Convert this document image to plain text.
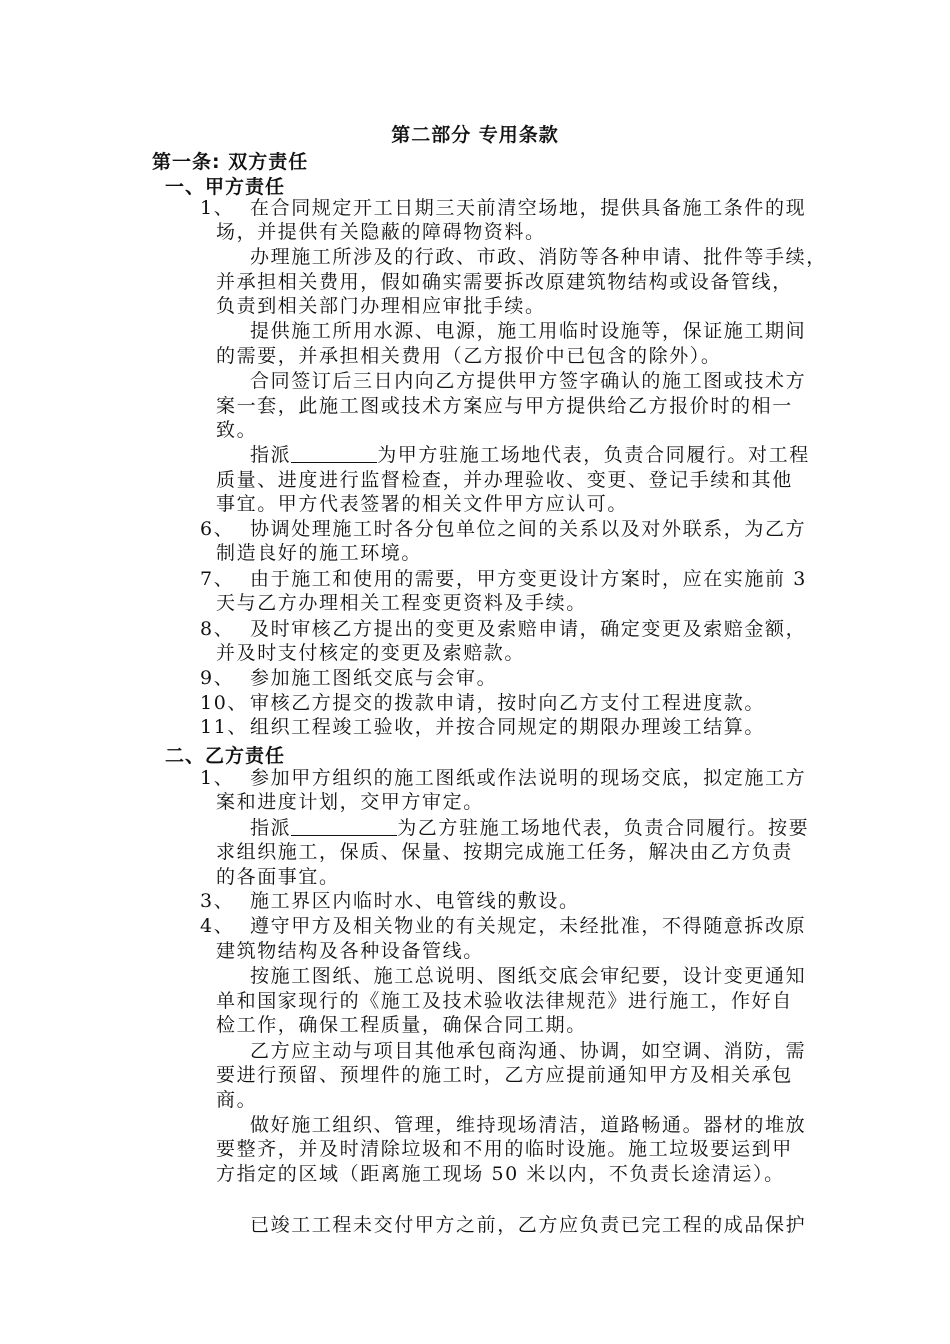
第二部分 专用条款
第一条: 双方责任
一、甲方责任
1、 在合同规定开工日期三天前清空场地，提供具备施工条件的现
场，并提供有关隐蔽的障碍物资料。
办理施工所涉及的行政、市政、消防等各种申请、批件等手续，
并承担相关费用，假如确实需要拆改原建筑物结构或设备管线，
负责到相关部门办理相应审批手续。
提供施工所用水源、电源，施工用临时设施等，保证施工期间
的需要，并承担相关费用（乙方报价中已包含的除外）。
合同签订后三日内向乙方提供甲方签字确认的施工图或技术方
案一套，此施工图或技术方案应与甲方提供给乙方报价时的相一
致。
指派	为甲方驻施工场地代表，负责合同履行。对工程
质量、进度进行监督检查，并办理验收、变更、登记手续和其他
事宜。甲方代表签署的相关文件甲方应认可。
6、 协调处理施工时各分包单位之间的关系以及对外联系，为乙方
制造良好的施工环境。
7、 由于施工和使用的需要，甲方变更设计方案时，应在实施前 3
天与乙方办理相关工程变更资料及手续。
8、 及时审核乙方提出的变更及索赔申请，确定变更及索赔金额，
并及时支付核定的变更及索赔款。
9、 参加施工图纸交底与会审。
10、 审核乙方提交的拨款申请，按时向乙方支付工程进度款。
11、 组织工程竣工验收，并按合同规定的期限办理竣工结算。
二、乙方责任
1、 参加甲方组织的施工图纸或作法说明的现场交底，拟定施工方
案和进度计划，交甲方审定。
指派	为乙方驻施工场地代表，负责合同履行。按要
求组织施工，保质、保量、按期完成施工任务，解决由乙方负责
的各面事宜。
3、 施工界区内临时水、电管线的敷设。
4、 遵守甲方及相关物业的有关规定，未经批准，不得随意拆改原
建筑物结构及各种设备管线。
按施工图纸、施工总说明、图纸交底会审纪要，设计变更通知
单和国家现行的《施工及技术验收法律规范》进行施工，作好自
检工作，确保工程质量，确保合同工期。
乙方应主动与项目其他承包商沟通、协调，如空调、消防，需
要进行预留、预埋件的施工时，乙方应提前通知甲方及相关承包
商。
做好施工组织、管理，维持现场清洁，道路畅通。器材的堆放
要整齐，并及时清除垃圾和不用的临时设施。施工垃圾要运到甲
方指定的区域（距离施工现场 50 米以内，不负责长途清运）。
已竣工工程未交付甲方之前，乙方应负责已完工程的成品保护
